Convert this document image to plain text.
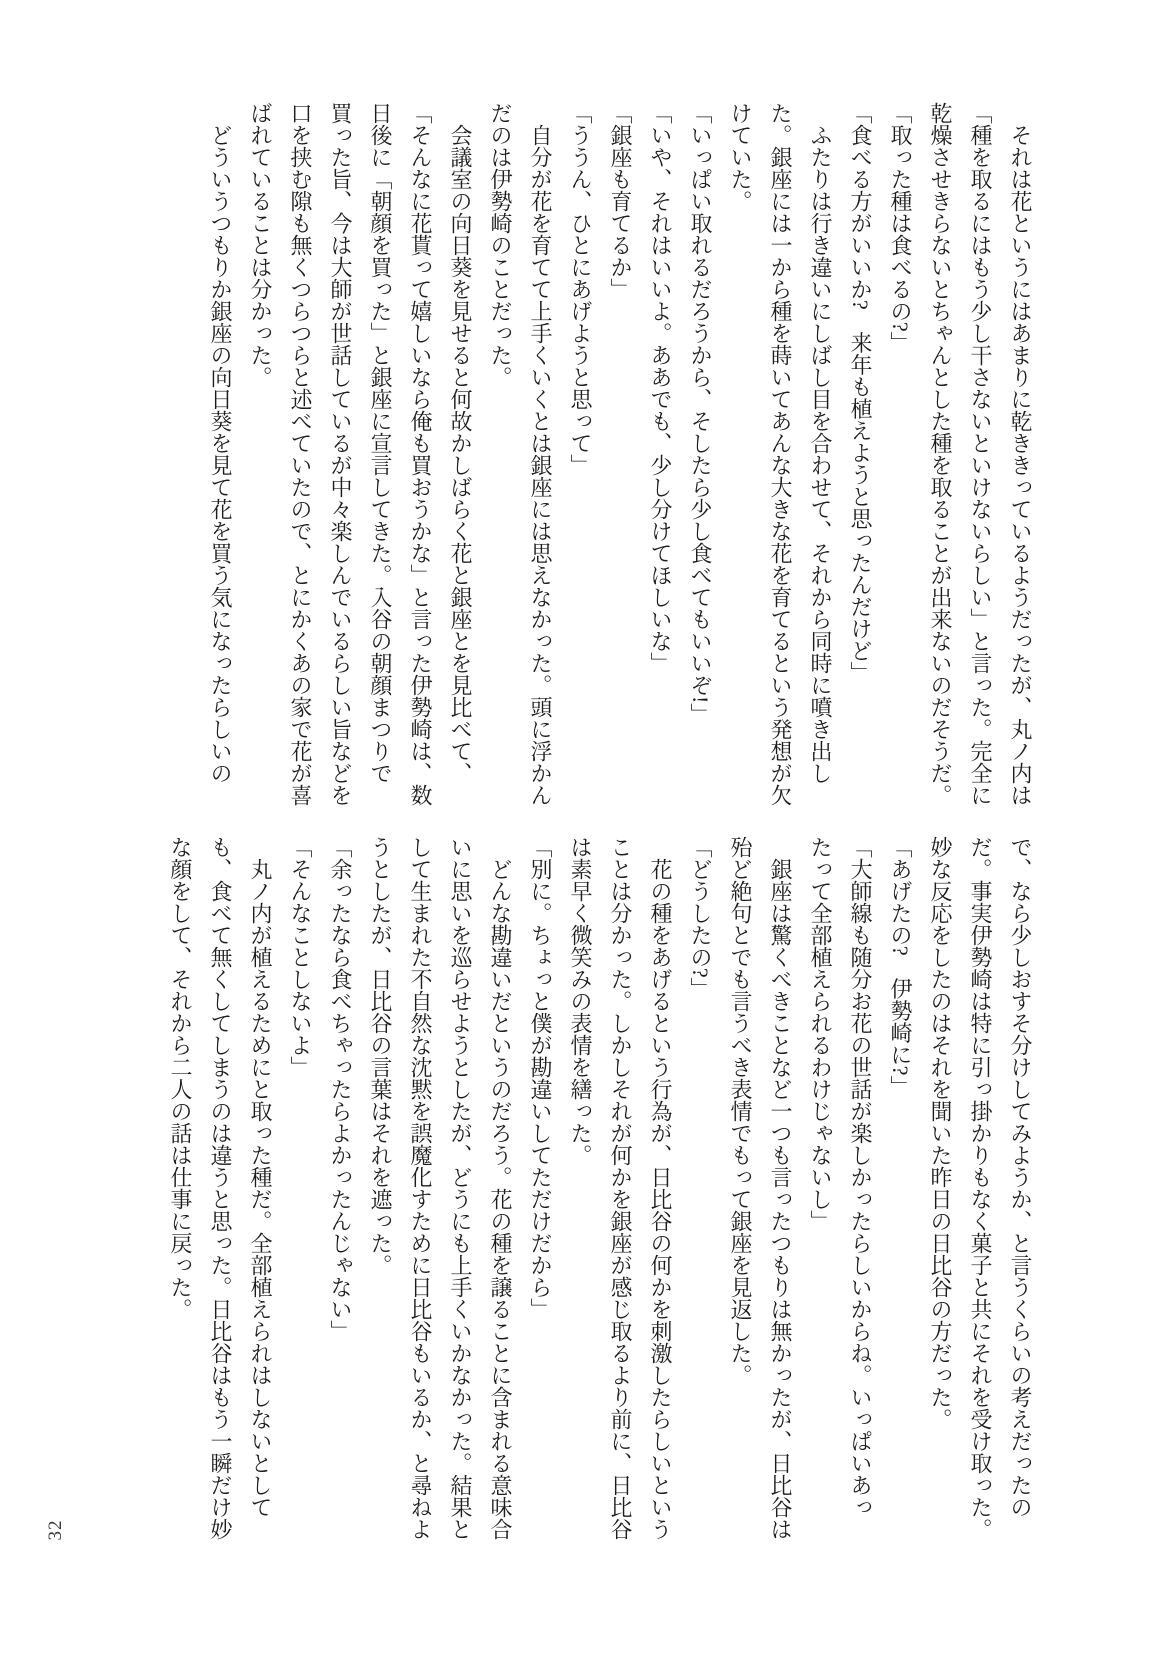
それは花というにはあまりに乾ききっているようだったが、丸ノ内は「種を取るにはもう少し干さないといけないらしい」と言った。完全に乾燥させきらないとちゃんとした種を取ることが出来ないのだそうだ。

「取った種は食べるの?」

「食べる方がいいか?　来年も植えようと思ったんだけど」

ふたりは行き違いにしばし目を合わせて、それから同時に噴き出した。銀座には一から種を蒔いてあんな大きな花を育てるという発想が欠けていた。

「いっぱい取れるだろうから、そしたら少し食べてもいいぞ!」

「いや、それはいいよ。ああでも、少し分けてほしいな」

「銀座も育てるか」

「ううん、ひとにあげようと思って」

自分が花を育てて上手くいくとは銀座には思えなかった。頭に浮かんだのは伊勢崎のことだった。

会議室の向日葵を見せると何故かしばらく花と銀座とを見比べて、「そんなに花貰って嬉しいなら俺も買おうかな」と言った伊勢崎は、数日後に「朝顔を買った」と銀座に宣言してきた。入谷の朝顔まつりで買った旨、今は大師が世話しているが中々楽しんでいるらしい旨などを口を挟む隙も無くつらつらと述べていたので、とにかくあの家で花が喜ばれていることは分かった。

どういうつもりか銀座の向日葵を見て花を買う気になったらしいの

で、なら少しおすそ分けしてみようか、と言うくらいの考えだったのだ。事実伊勢崎は特に引っ掛かりもなく菓子と共にそれを受け取った。妙な反応をしたのはそれを聞いた昨日の日比谷の方だった。

「あげたの?　伊勢崎に?」

「大師線も随分お花の世話が楽しかったらしいからね。いっぱいあったって全部植えられるわけじゃないし」

銀座は驚くべきことなど一つも言ったつもりは無かったが、日比谷は殆ど絶句とでも言うべき表情でもって銀座を見返した。

「どうしたの?」

花の種をあげるという行為が、日比谷の何かを刺激したらしいということは分かった。しかしそれが何かを銀座が感じ取るより前に、日比谷は素早く微笑みの表情を繕った。

「別に。ちょっと僕が勘違いしてただけだから」

どんな勘違いだというのだろう。花の種を譲ることに含まれる意味合いに思いを巡らせようとしたが、どうにも上手くいかなかった。結果として生まれた不自然な沈黙を誤魔化すために日比谷もいるか、と尋ねようとしたが、日比谷の言葉はそれを遮った。

「余ったなら食べちゃったらよかったんじゃない」

「そんなことしないよ」

丸ノ内が植えるためにと取った種だ。全部植えられはしないとしても、食べて無くしてしまうのは違うと思った。日比谷はもう一瞬だけ妙な顔をして、それから二人の話は仕事に戻った。

32
